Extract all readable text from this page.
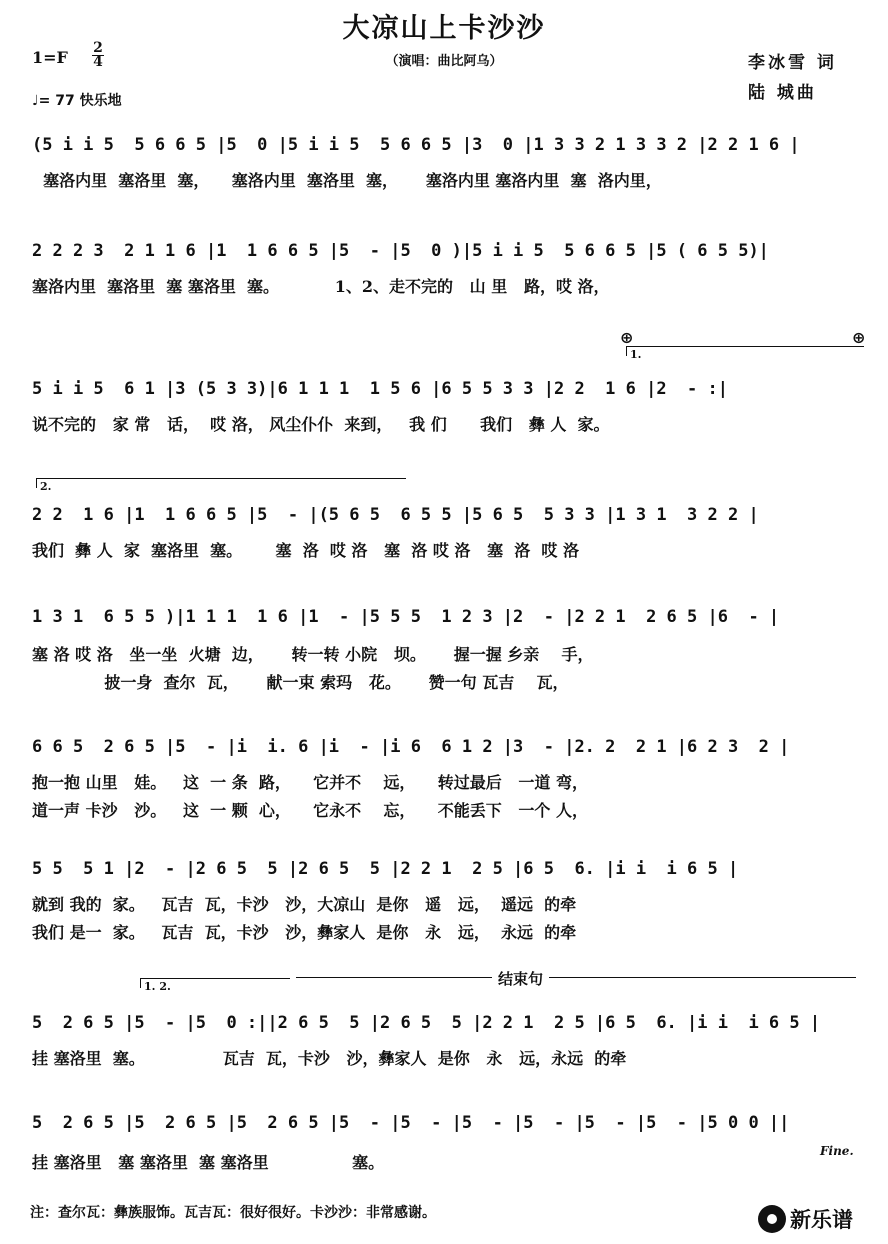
大凉山上卡沙沙
（演唱：曲比阿乌）
1=F 2
4
♩= 77 快乐地
李冰雪 词
陆 城曲
(5 i i 5  5 6 6 5 |5  0 |5 i i 5  5 6 6 5 |3  0 |1 3 3 2 1 3 3 2 |2 2 1 6 |
塞洛内里  塞洛里  塞，    塞洛内里  塞洛里  塞，     塞洛内里 塞洛内里  塞  洛内里，
2 2 2 3  2 1 1 6 |1  1 6 6 5 |5  - |5  0 )|5 i i 5  5 6 6 5 |5 ( 6 5 5)|
塞洛内里  塞洛里  塞 塞洛里  塞。          1、2、走不完的   山 里   路，哎 洛，
⊕	⊕
1.
5 i i 5  6 1 |3 (5 3 3)|6 1 1 1  1 5 6 |6 5 5 3 3 |2 2  1 6 |2  - :|
说不完的   家 常   话，  哎 洛， 风尘仆仆  来到，   我 们      我们   彝 人  家。
2.
2 2  1 6 |1  1 6 6 5 |5  - |(5 6 5  6 5 5 |5 6 5  5 3 3 |1 3 1  3 2 2 |
我们  彝 人  家  塞洛里  塞。      塞  洛  哎 洛   塞  洛 哎 洛   塞  洛  哎 洛
1 3 1  6 5 5 )|1 1 1  1 6 |1  - |5 5 5  1 2 3 |2  - |2 2 1  2 6 5 |6  - |
塞 洛 哎 洛   坐一坐  火塘  边，     转一转 小院   坝。     握一握 乡亲    手，
披一身  查尔  瓦，     献一束 索玛   花。     赞一句 瓦吉    瓦，
6 6 5  2 6 5 |5  - |i  i. 6 |i  - |i 6  6 1 2 |3  - |2. 2  2 1 |6 2 3  2 |
抱一抱 山里   娃。   这  一 条  路，    它并不    远，    转过最后   一道 弯，
道一声 卡沙   沙。   这  一 颗  心，    它永不    忘，    不能丢下   一个 人，
5 5  5 1 |2  - |2 6 5  5 |2 6 5  5 |2 2 1  2 5 |6 5  6. |i i  i 6 5 |
就到 我的  家。   瓦吉  瓦，卡沙   沙，大凉山  是你   遥   远，  遥远  的牵
我们 是一  家。   瓦吉  瓦，卡沙   沙，彝家人  是你   永   远，  永远  的牵
1. 2.	结束句
5  2 6 5 |5  - |5  0 :||2 6 5  5 |2 6 5  5 |2 2 1  2 5 |6 5  6. |i i  i 6 5 |
挂 塞洛里  塞。              瓦吉  瓦，卡沙   沙，彝家人  是你   永   远，永远  的牵
5  2 6 5 |5  2 6 5 |5  2 6 5 |5  - |5  - |5  - |5  - |5  - |5  - |5 0 0 ||
挂 塞洛里   塞 塞洛里  塞 塞洛里               塞。
Fine.
注：查尔瓦：彝族服饰。瓦吉瓦：很好很好。卡沙沙：非常感谢。	新乐谱
